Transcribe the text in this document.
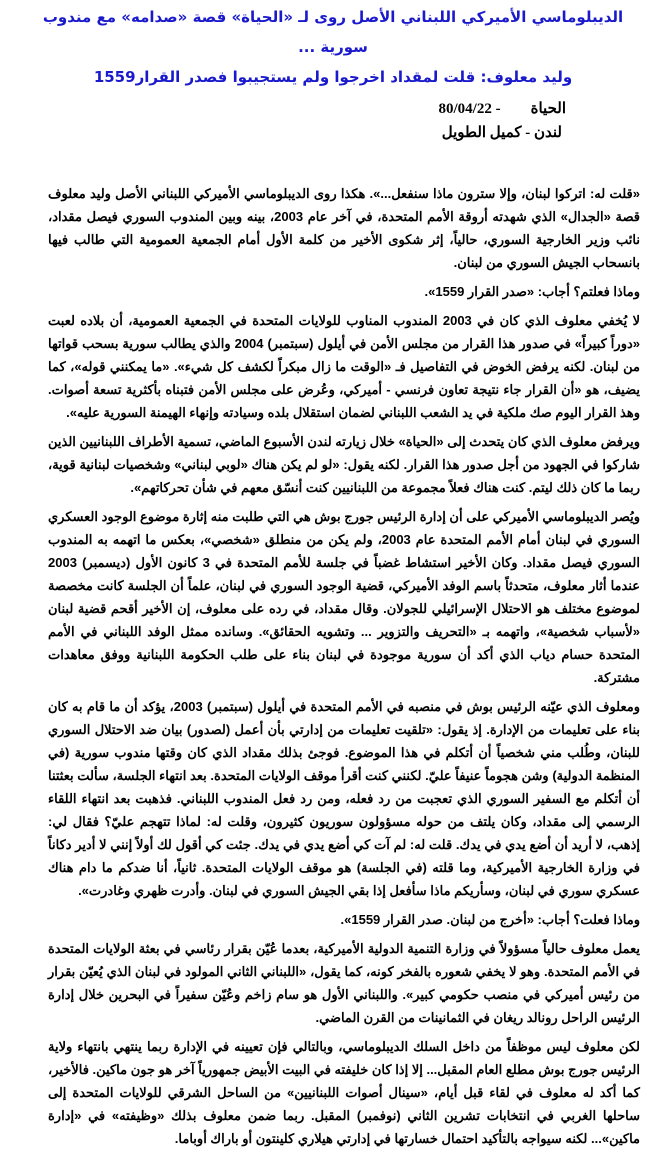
الديبلوماسي الأميركي اللبناني الأصل روى لـ «الحياة» قصة «صدامه» مع مندوب سورية ...
وليد معلوف: قلت لمقداد اخرجوا ولم يستجيبوا فصدر القرار1559
الحياة- 80/04/22
لندن - كميل الطويل

«قلت له: اتركوا لبنان، وإلا سترون ماذا سنفعل...». هكذا روى الديبلوماسي الأميركي اللبناني الأصل وليد معلوف قصة «الجدال» الذي شهدته أروقة الأمم المتحدة، في آخر عام 2003، بينه وبين المندوب السوري فيصل مقداد، نائب وزير الخارجية السوري، حالياً، إثر شكوى الأخير من كلمة الأول أمام الجمعية العمومية التي طالب فيها بانسحاب الجيش السوري من لبنان.

وماذا فعلتم؟ أجاب: «صدر القرار 1559».

لا يُخفي معلوف الذي كان في 2003 المندوب المناوب للولايات المتحدة في الجمعية العمومية، أن بلاده لعبت «دوراً كبيراً» في صدور هذا القرار من مجلس الأمن في أيلول (سبتمبر) 2004 والذي يطالب سورية بسحب قواتها من لبنان. لكنه يرفض الخوض في التفاصيل فـ «الوقت ما زال مبكراً لكشف كل شيء». «ما يمكنني قوله»، كما يضيف، هو «أن القرار جاء نتيجة تعاون فرنسي - أميركي، وعُرض على مجلس الأمن فتبناه بأكثرية تسعة أصوات. وهذ القرار اليوم صك ملكية في يد الشعب اللبناني لضمان استقلال بلده وسيادته وإنهاء الهيمنة السورية عليه».

ويرفض معلوف الذي كان يتحدث إلى «الحياة» خلال زيارته لندن الأسبوع الماضي، تسمية الأطراف اللبنانيين الذين شاركوا في الجهود من أجل صدور هذا القرار. لكنه يقول: «لو لم يكن هناك «لوبي لبناني» وشخصيات لبنانية قوية، ربما ما كان ذلك ليتم. كنت هناك فعلاً مجموعة من اللبنانيين كنت أنسّق معهم في شأن تحركاتهم».

ويُصر الديبلوماسي الأميركي على أن إدارة الرئيس جورج بوش هي التي طلبت منه إثارة موضوع الوجود العسكري السوري في لبنان أمام الأمم المتحدة عام 2003، ولم يكن من منطلق «شخصي»، بعكس ما اتهمه به المندوب السوري فيصل مقداد. وكان الأخير استشاط غضباً في جلسة للأمم المتحدة في 3 كانون الأول (ديسمبر) 2003 عندما أثار معلوف، متحدثاً باسم الوفد الأميركي، قضية الوجود السوري في لبنان، علماً أن الجلسة كانت مخصصة لموضوع مختلف هو الاحتلال الإسرائيلي للجولان. وقال مقداد، في رده على معلوف، إن الأخير أقحم قضية لبنان «لأسباب شخصية»، واتهمه بـ «التحريف والتزوير ... وتشويه الحقائق». وسانده ممثل الوفد اللبناني في الأمم المتحدة حسام دياب الذي أكد أن سورية موجودة في لبنان بناء على طلب الحكومة اللبنانية ووفق معاهدات مشتركة.

ومعلوف الذي عيّنه الرئيس بوش في منصبه في الأمم المتحدة في أيلول (سبتمبر) 2003، يؤكد أن ما قام به كان بناء على تعليمات من الإدارة. إذ يقول: «تلقيت تعليمات من إدارتي بأن أعمل (لصدور) بيان ضد الاحتلال السوري للبنان، وطُلب مني شخصياً أن أتكلم في هذا الموضوع. فوجئ بذلك مقداد الذي كان وقتها مندوب سورية (في المنظمة الدولية) وشن هجوماً عنيفاً عليّ. لكنني كنت أقرأ موقف الولايات المتحدة. بعد انتهاء الجلسة، سألت بعثتنا أن أتكلم مع السفير السوري الذي تعجبت من رد فعله، ومن رد فعل المندوب اللبناني. فذهبت بعد انتهاء اللقاء الرسمي إلى مقداد، وكان يلتف من حوله مسؤولون سوريون كثيرون، وقلت له: لماذا تتهجم عليّ؟ فقال لي: إذهب، لا أريد أن أضع يدي في يدك. قلت له: لم آت كي أضع يدي في يدك. جئت كي أقول لك أولاً إنني لا أدير دكاناً في وزارة الخارجية الأميركية، وما قلته (في الجلسة) هو موقف الولايات المتحدة. ثانياً، أنا ضدكم ما دام هناك عسكري سوري في لبنان، وسأريكم ماذا سأفعل إذا بقي الجيش السوري في لبنان. وأدرت ظهري وغادرت».

وماذا فعلت؟ أجاب: «أخرج من لبنان. صدر القرار 1559».

يعمل معلوف حالياً مسؤولاً في وزارة التنمية الدولية الأميركية، بعدما عُيّن بقرار رئاسي في بعثة الولايات المتحدة في الأمم المتحدة. وهو لا يخفي شعوره بالفخر كونه، كما يقول، «اللبناني الثاني المولود في لبنان الذي يُعيّن بقرار من رئيس أميركي في منصب حكومي كبير». واللبناني الأول هو سام زاخم وعُيّن سفيراً في البحرين خلال إدارة الرئيس الراحل رونالد ريغان في الثمانينات من القرن الماضي.

لكن معلوف ليس موظفاً من داخل السلك الديبلوماسي، وبالتالي فإن تعيينه في الإدارة ربما ينتهي بانتهاء ولاية الرئيس جورج بوش مطلع العام المقبل... إلا إذا كان خليفته في البيت الأبيض جمهورياً آخر هو جون ماكين. فالأخير، كما أكد له معلوف في لقاء قبل أيام، «سينال أصوات اللبنانيين» من الساحل الشرقي للولايات المتحدة إلى ساحلها الغربي في انتخابات تشرين الثاني (نوفمبر) المقبل. ربما ضمن معلوف بذلك «وظيفته» في «إدارة ماكين»... لكنه سيواجه بالتأكيد احتمال خسارتها في إدارتي هيلاري كلينتون أو باراك أوباما.
